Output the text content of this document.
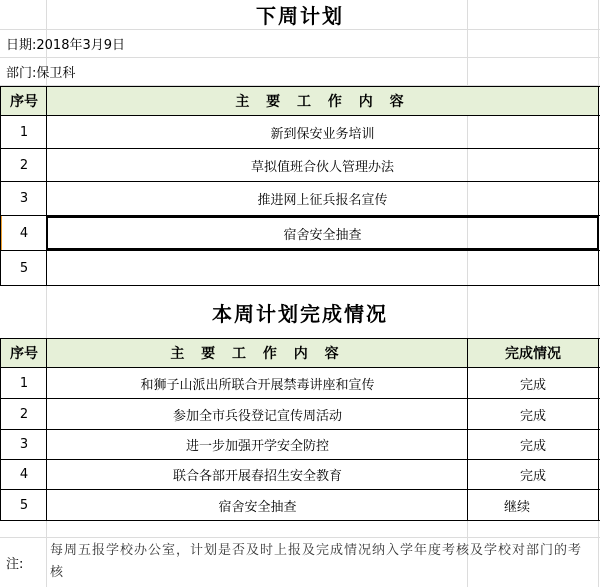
下周计划
日期: 2018年3月9日
部门: 保卫科
序号	主 要 工 作 内 容
1	新到保安业务培训
2	草拟值班合伙人管理办法
3	推进网上征兵报名宣传
4	宿舍安全抽查
5
本周计划完成情况
序号	主 要 工 作 内 容	完成情况
1	和狮子山派出所联合开展禁毒讲座和宣传	完成
2	参加全市兵役登记宣传周活动	完成
3	进一步加强开学安全防控	完成
4	联合各部开展春招生安全教育	完成
5	宿舍安全抽查	继续
注:
每周五报学校办公室，计划是否及时上报及完成情况纳入学年度考核及学校对部门的考核
